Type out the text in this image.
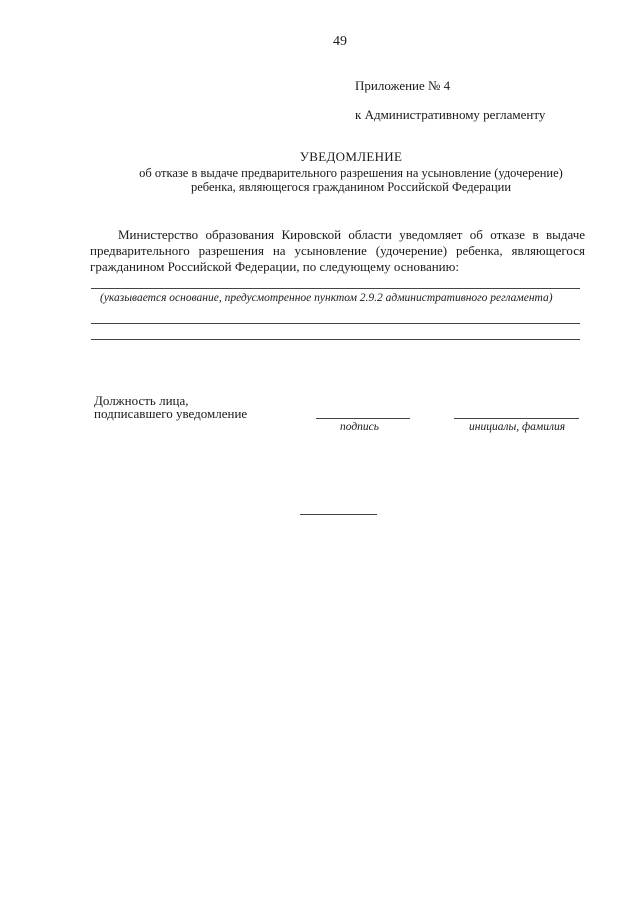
49
Приложение № 4
к Административному регламенту
УВЕДОМЛЕНИЕ
об отказе в выдаче предварительного разрешения на усыновление (удочерение)
ребенка, являющегося гражданином Российской Федерации
Министерство образования Кировской области уведомляет об отказе в выдаче
предварительного разрешения на усыновление (удочерение) ребенка, являющегося
гражданином Российской Федерации, по следующему основанию:
(указывается основание, предусмотренное пунктом 2.9.2 административного регламента)
Должность лица,
подписавшего уведомление
подпись	инициалы, фамилия
